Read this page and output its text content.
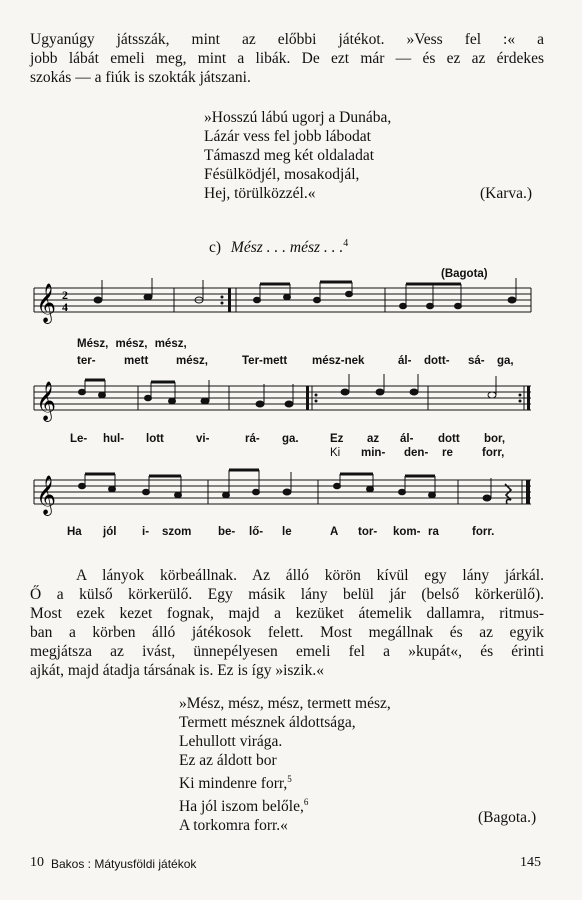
Ugyanúgy játsszák, mint az előbbi játékot. »Vess fel :« a
jobb lábát emeli meg, mint a libák. De ezt már — és ez az érdekes
szokás — a fiúk is szokták játszani.
»Hosszú lábú ugorj a Dunába,
Lázár vess fel jobb lábodat
Támaszd meg két oldaladat
Fésülködjél, mosakodjál,
Hej, törülközzél.«	(Karva.)
c) Mész . . . mész . . .$^4$
(Bagota)
𝄞 2
4
Mész, mész, mész,
ter- mett mész,	Ter-mett mész-nek	ál- dott- sá- ga,
𝄞
Le- hul- lott	vi-	rá- ga.	Ez az ál- dott bor,
Ki min- den- re	forr,
𝄞
Ha jól i- szom be- lő- le	A tor- kom- ra	forr.
A lányok körbeállnak. Az álló körön kívül egy lány járkál.
Ő a külső körkerülő. Egy másik lány belül jár (belső körkerülő).
Most ezek kezet fognak, majd a kezüket átemelik dallamra, ritmus-
ban a körben álló játékosok felett. Most megállnak és az egyik
megjátsza az ivást, ünnepélyesen emeli fel a »kupát«, és érinti
ajkát, majd átadja társának is. Ez is így »iszik.«
»Mész, mész, mész, termett mész,
Termett mésznek áldottsága,
Lehullott virága.
Ez az áldott bor
Ki mindenre forr,$^5$
Ha jól iszom belőle,$^6$
A torkomra forr.«	(Bagota.)
10 Bakos : Mátyusföldi játékok	145
